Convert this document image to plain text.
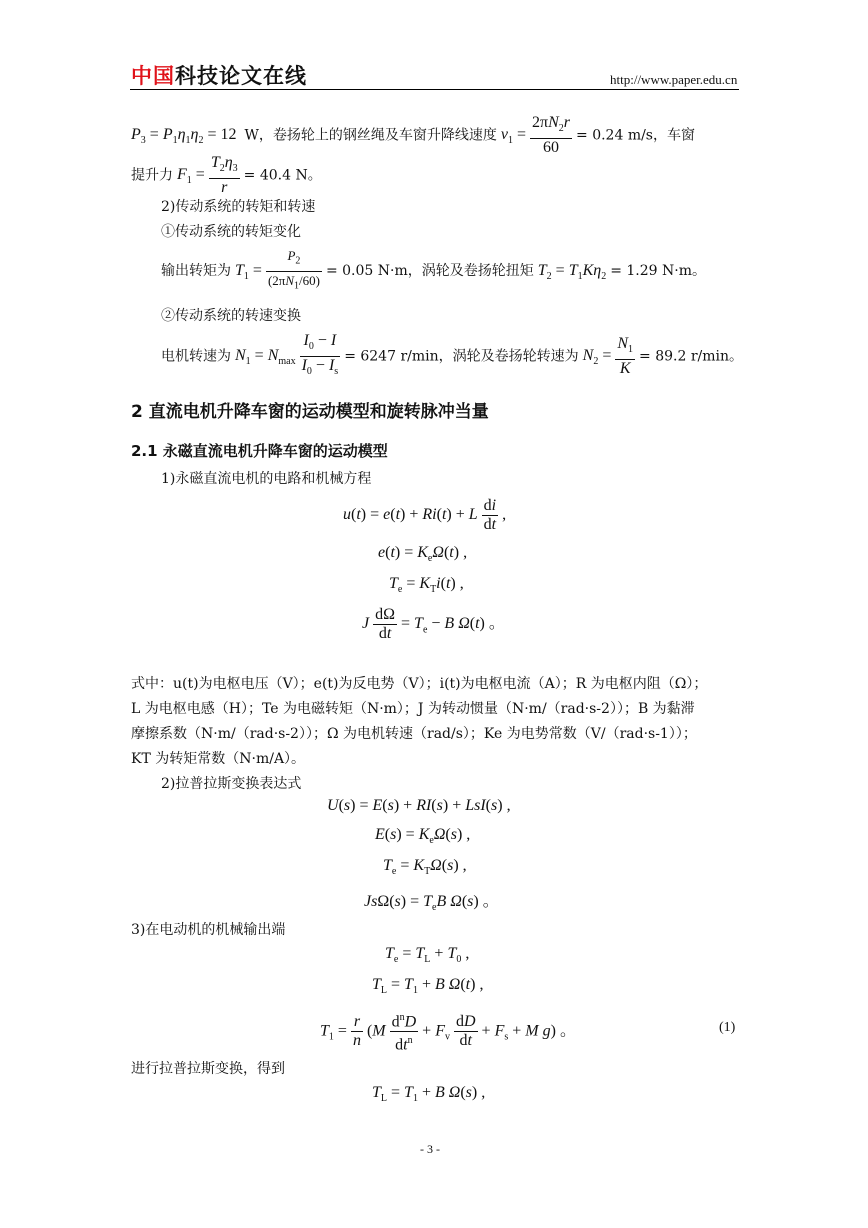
中国科技论文在线	http://www.paper.edu.cn
$P_3 = P_1\eta_1\eta_2 = 12$  W，卷扬轮上的钢丝绳及车窗升降线速度 $v_1 = \frac{2\pi N_2r}{60} = 0.24$ m/s，车窗
提升力 $F_1 = \frac{T_2\eta_3}{r} = 40.4$ N。
2)传动系统的转矩和转速
①传动系统的转矩变化
输出转矩为 $T_1 = \frac{P_2}{(2\pi N_1/60)} = 0.05$ N·m，涡轮及卷扬轮扭矩 $T_2 = T_1K\eta_2 = 1.29$ N·m。
②传动系统的转速变换
电机转速为 $N_1 = N_{max} \frac{I_0 - I}{I_0 - I_s} = 6247$ r/min，涡轮及卷扬轮转速为 $N_2 = \frac{N_1}{K} = 89.2$ r/min。
2 直流电机升降车窗的运动模型和旋转脉冲当量
2.1 永磁直流电机升降车窗的运动模型
1)永磁直流电机的电路和机械方程
u(t) = e(t) + Ri(t) + L $\frac{di}{dt}$ ,
$e(t) = K_e\Omega(t)$ ,
$T_e = K_Ti(t)$ ,
J $\frac{d\Omega}{dt} = T_e - B$ Ω(t) 。
式中：u(t)为电枢电压（V）；e(t)为反电势（V）；i(t)为电枢电流（A）；R 为电枢内阻（Ω）；
L 为电枢电感（H）；Te 为电磁转矩（N·m）；J 为转动惯量（N·m/（rad·s-2））；B 为黏滞
摩擦系数（N·m/（rad·s-2））；Ω 为电机转速（rad/s）；Ke 为电势常数（V/（rad·s-1））；
KT 为转矩常数（N·m/A）。
2)拉普拉斯变换表达式
U(s) = E(s) + RI(s) + LsI(s) ,
$E(s) = K_e\Omega(s)$ ,
$T_e = K_T\Omega(s)$ ,
$Js\Omega(s) = T_eB$ Ω(s) 。
3)在电动机的机械输出端
$T_e = T_L + T_0$ ,
$T_L = T_1 + B$ Ω(t) ,
$T_1 = \frac{r}{n} (M \frac{d^nD}{dt^n} + F_v \frac{dD}{dt} + F_s + M$ g) 。	(1)
进行拉普拉斯变换，得到
$T_L = T_1 + B$ Ω(s) ,
- 3 -
